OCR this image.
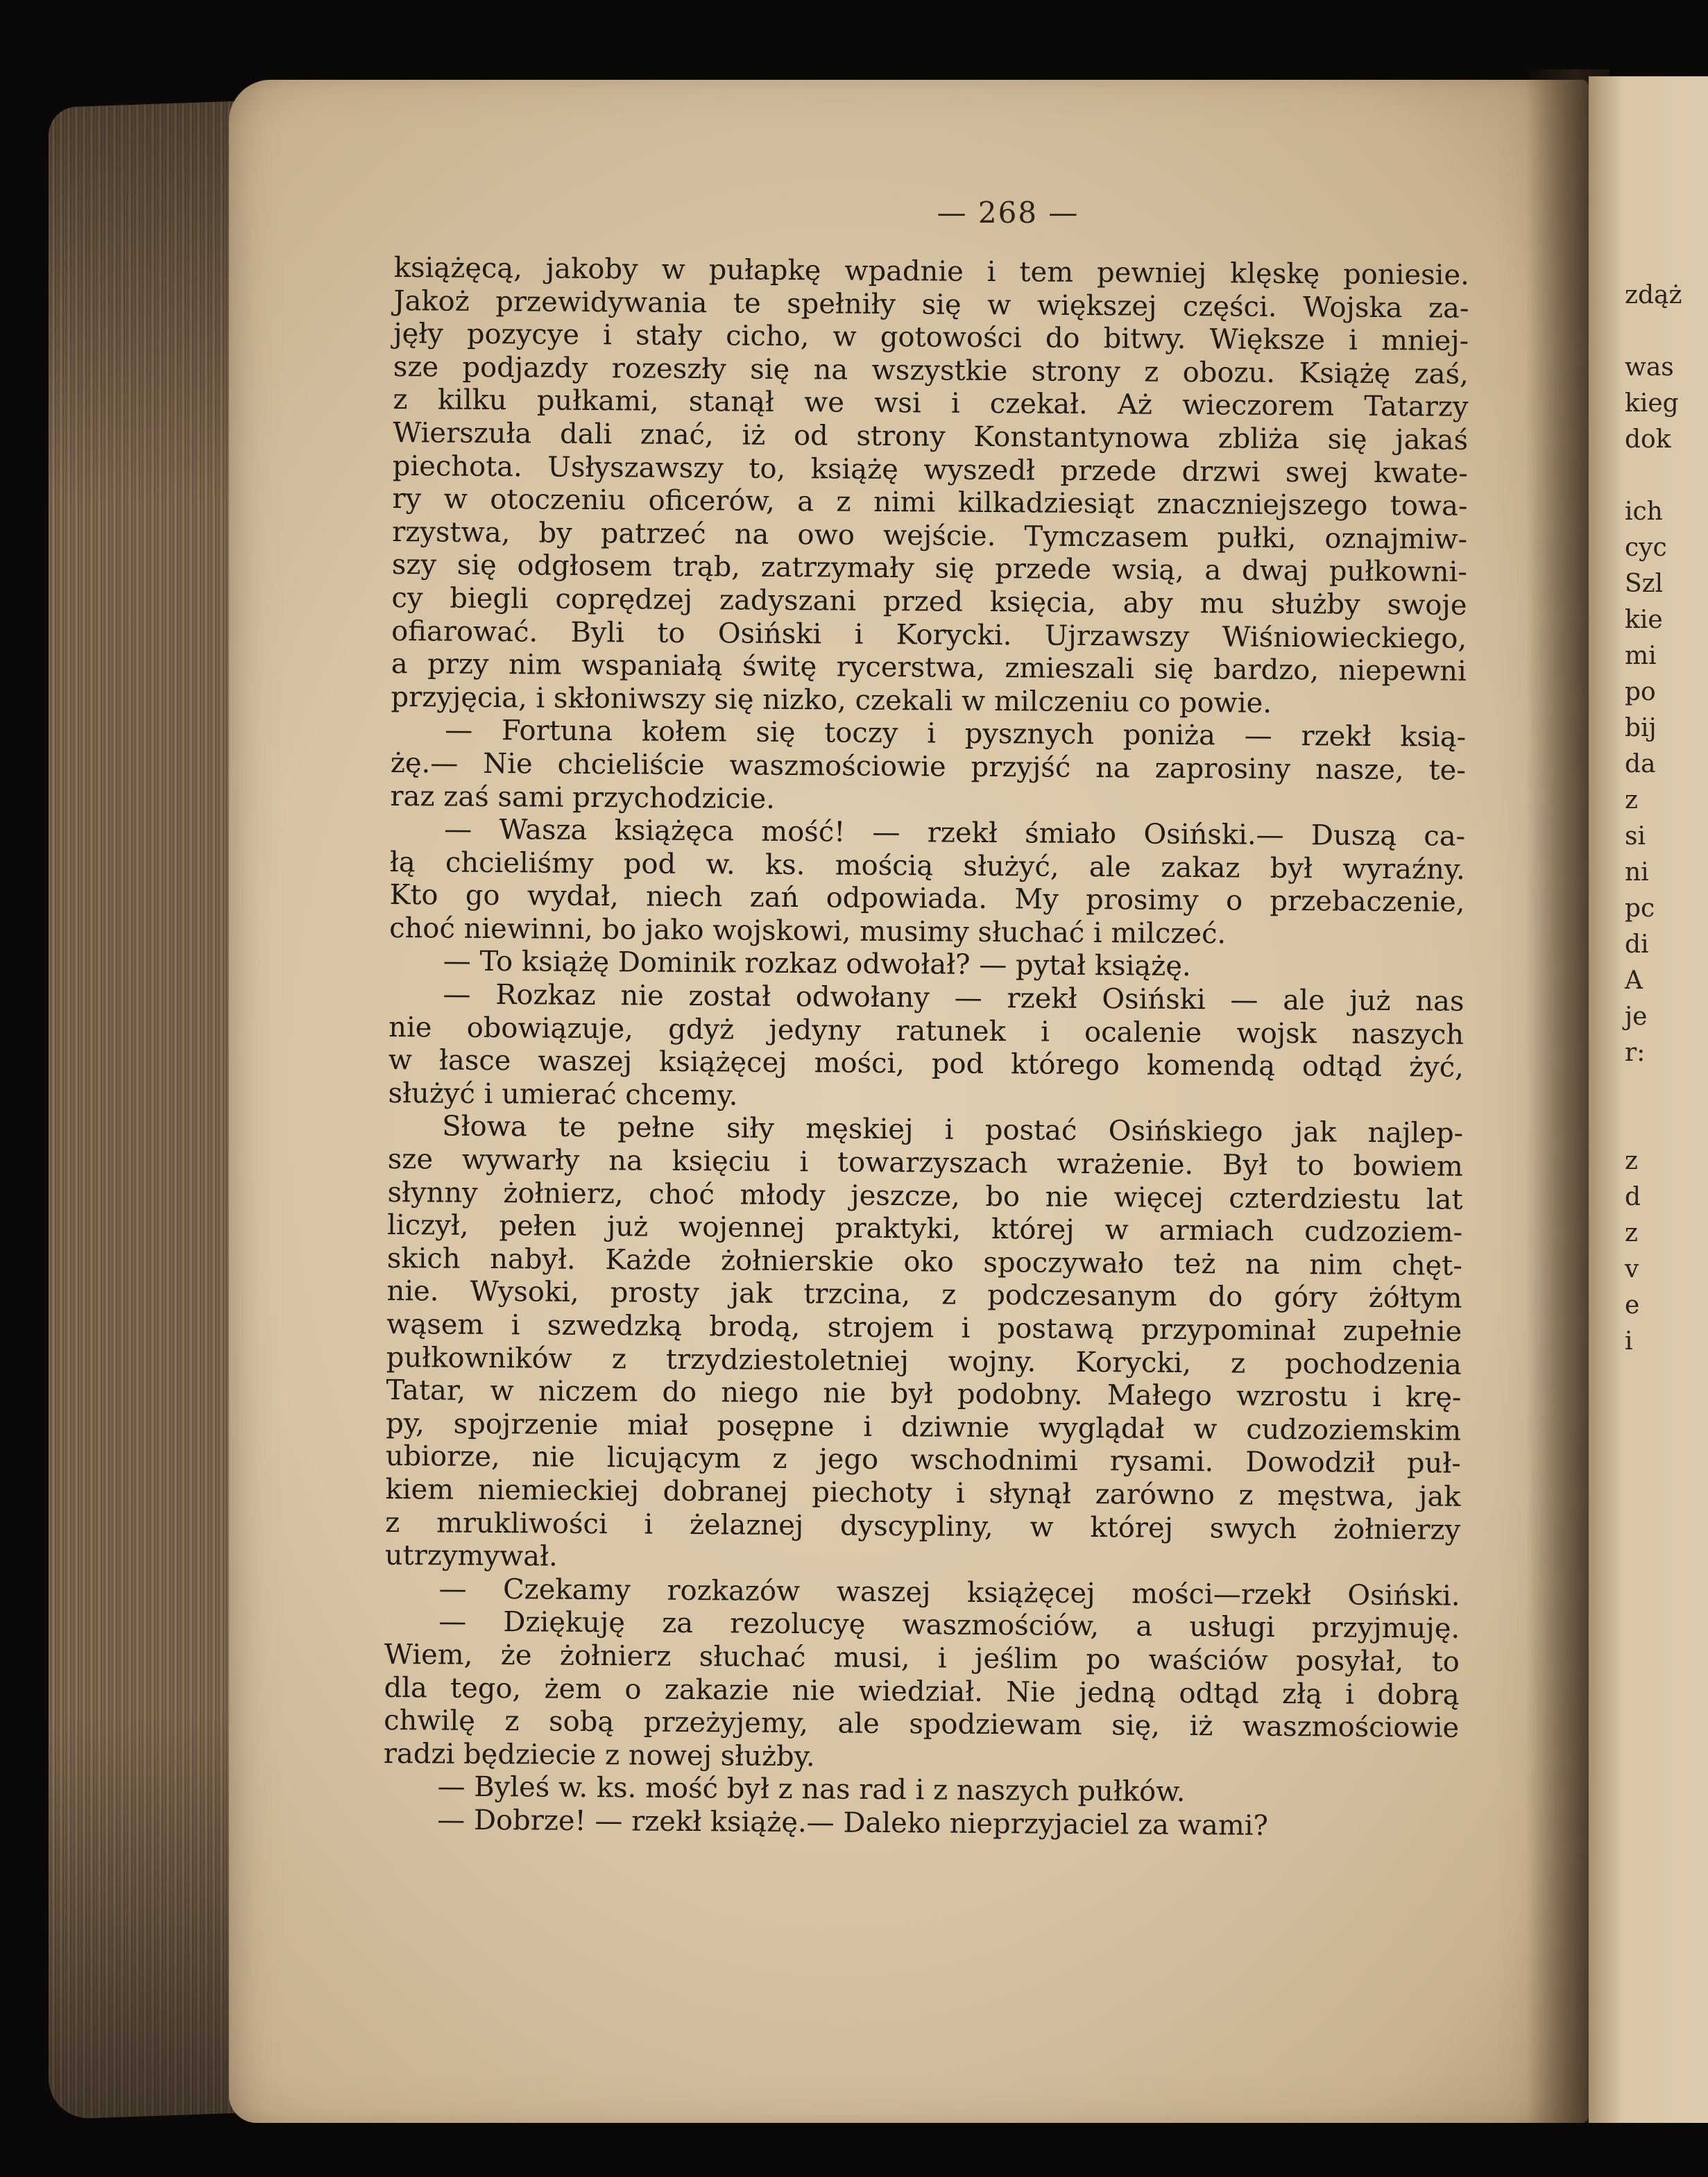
zdąż
was
kieg
dok
ich
cyc
Szl
kie
mi
po
bij
da
z
si
ni
pc
di
A
je
r:
z
d
z
v
e
i
— 268 —
książęcą, jakoby w pułapkę wpadnie i tem pewniej klęskę poniesie.
Jakoż przewidywania te spełniły się w większej części. Wojska za-
jęły pozycye i stały cicho, w gotowości do bitwy. Większe i mniej-
sze podjazdy rozeszły się na wszystkie strony z obozu. Książę zaś,
z kilku pułkami, stanął we wsi i czekał. Aż wieczorem Tatarzy
Wierszuła dali znać, iż od strony Konstantynowa zbliża się jakaś
piechota. Usłyszawszy to, książę wyszedł przede drzwi swej kwate-
ry w otoczeniu oficerów, a z nimi kilkadziesiąt znaczniejszego towa-
rzystwa, by patrzeć na owo wejście. Tymczasem pułki, oznajmiw-
szy się odgłosem trąb, zatrzymały się przede wsią, a dwaj pułkowni-
cy biegli coprędzej zadyszani przed księcia, aby mu służby swoje
ofiarować. Byli to Osiński i Korycki. Ujrzawszy Wiśniowieckiego,
a przy nim wspaniałą świtę rycerstwa, zmieszali się bardzo, niepewni
przyjęcia, i skłoniwszy się nizko, czekali w milczeniu co powie.
— Fortuna kołem się toczy i pysznych poniża — rzekł ksią-
żę.— Nie chcieliście waszmościowie przyjść na zaprosiny nasze, te-
raz zaś sami przychodzicie.
— Wasza książęca mość! — rzekł śmiało Osiński.— Duszą ca-
łą chcieliśmy pod w. ks. mością służyć, ale zakaz był wyraźny.
Kto go wydał, niech zań odpowiada. My prosimy o przebaczenie,
choć niewinni, bo jako wojskowi, musimy słuchać i milczeć.
— To książę Dominik rozkaz odwołał? — pytał książę.
— Rozkaz nie został odwołany — rzekł Osiński — ale już nas
nie obowiązuje, gdyż jedyny ratunek i ocalenie wojsk naszych
w łasce waszej książęcej mości, pod którego komendą odtąd żyć,
służyć i umierać chcemy.
Słowa te pełne siły męskiej i postać Osińskiego jak najlep-
sze wywarły na księciu i towarzyszach wrażenie. Był to bowiem
słynny żołnierz, choć młody jeszcze, bo nie więcej czterdziestu lat
liczył, pełen już wojennej praktyki, której w armiach cudzoziem-
skich nabył. Każde żołnierskie oko spoczywało też na nim chęt-
nie. Wysoki, prosty jak trzcina, z podczesanym do góry żółtym
wąsem i szwedzką brodą, strojem i postawą przypominał zupełnie
pułkowników z trzydziestoletniej wojny. Korycki, z pochodzenia
Tatar, w niczem do niego nie był podobny. Małego wzrostu i krę-
py, spojrzenie miał posępne i dziwnie wyglądał w cudzoziemskim
ubiorze, nie licującym z jego wschodnimi rysami. Dowodził puł-
kiem niemieckiej dobranej piechoty i słynął zarówno z męstwa, jak
z mrukliwości i żelaznej dyscypliny, w której swych żołnierzy
utrzymywał.
— Czekamy rozkazów waszej książęcej mości—rzekł Osiński.
— Dziękuję za rezolucyę waszmościów, a usługi przyjmuję.
Wiem, że żołnierz słuchać musi, i jeślim po waściów posyłał, to
dla tego, żem o zakazie nie wiedział. Nie jedną odtąd złą i dobrą
chwilę z sobą przeżyjemy, ale spodziewam się, iż waszmościowie
radzi będziecie z nowej służby.
— Byleś w. ks. mość był z nas rad i z naszych pułków.
— Dobrze! — rzekł książę.— Daleko nieprzyjaciel za wami?
